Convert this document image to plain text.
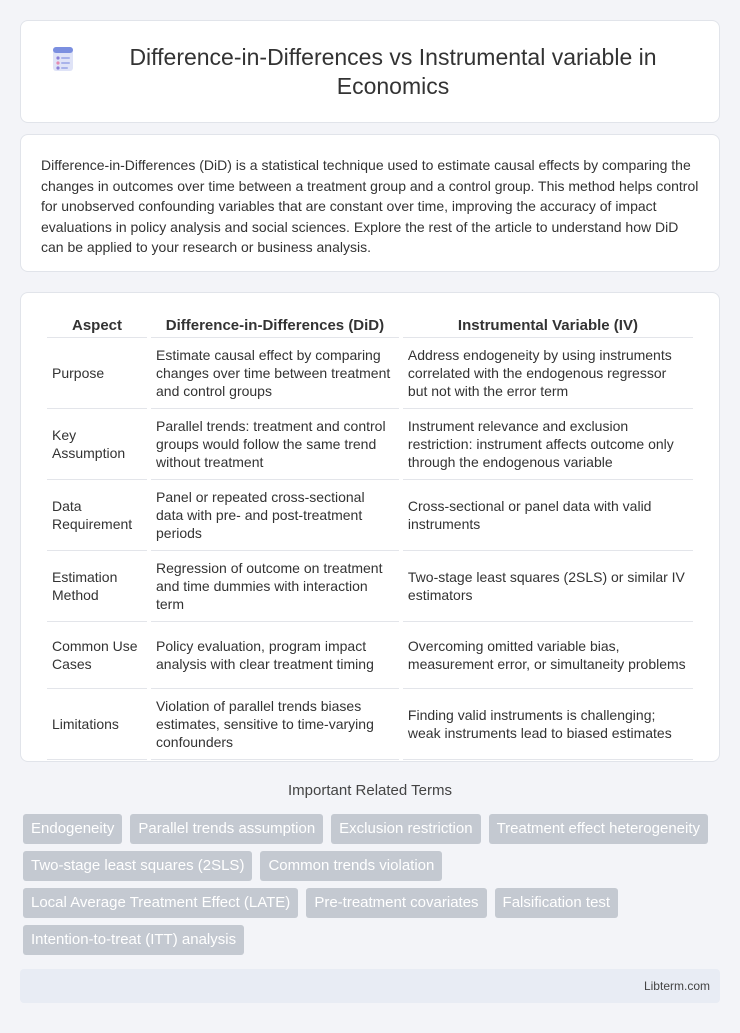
Difference-in-Differences vs Instrumental variable in Economics

Difference-in-Differences (DiD) is a statistical technique used to estimate causal effects by comparing the changes in outcomes over time between a treatment group and a control group. This method helps control for unobserved confounding variables that are constant over time, improving the accuracy of impact evaluations in policy analysis and social sciences. Explore the rest of the article to understand how DiD can be applied to your research or business analysis.

Aspect	Difference-in-Differences (DiD)	Instrumental Variable (IV)
Purpose	Estimate causal effect by comparing changes over time between treatment and control groups	Address endogeneity by using instruments correlated with the endogenous regressor but not with the error term
Key Assumption	Parallel trends: treatment and control groups would follow the same trend without treatment	Instrument relevance and exclusion restriction: instrument affects outcome only through the endogenous variable
Data Requirement	Panel or repeated cross-sectional data with pre- and post-treatment periods	Cross-sectional or panel data with valid instruments
Estimation Method	Regression of outcome on treatment and time dummies with interaction term	Two-stage least squares (2SLS) or similar IV estimators
Common Use Cases	Policy evaluation, program impact analysis with clear treatment timing	Overcoming omitted variable bias, measurement error, or simultaneity problems
Limitations	Violation of parallel trends biases estimates, sensitive to time-varying confounders	Finding valid instruments is challenging; weak instruments lead to biased estimates
Important Related Terms
Endogeneity	Parallel trends assumption	Exclusion restriction	Treatment effect heterogeneity
Two-stage least squares (2SLS)	Common trends violation
Local Average Treatment Effect (LATE)	Pre-treatment covariates	Falsification test
Intention-to-treat (ITT) analysis
Libterm.com
